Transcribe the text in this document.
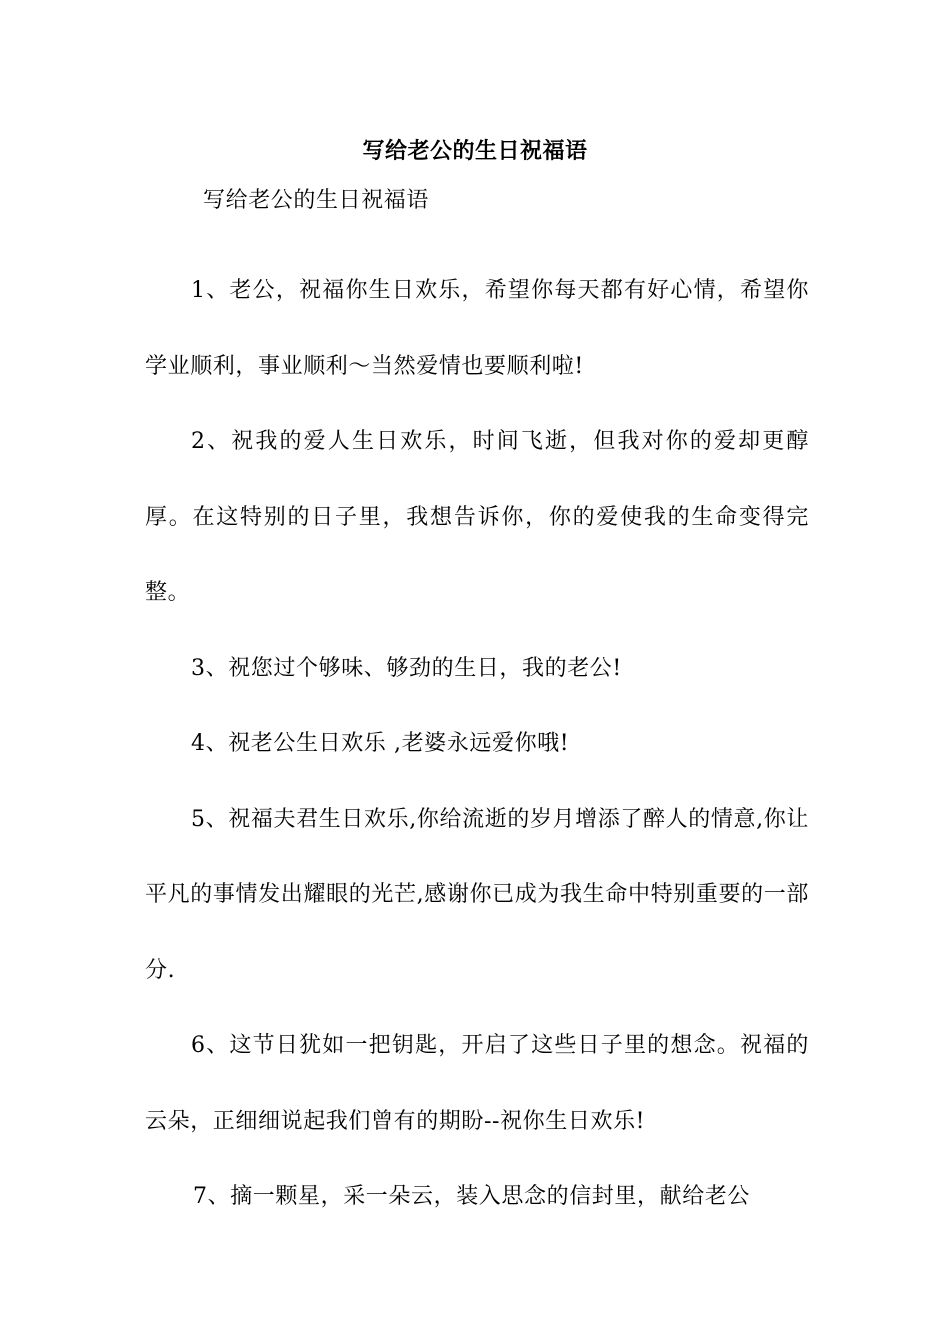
写给老公的生日祝福语

写给老公的生日祝福语

1、老公，祝福你生日欢乐，希望你每天都有好心情，希望你学业顺利，事业顺利～当然爱情也要顺利啦!

2、祝我的爱人生日欢乐，时间飞逝，但我对你的爱却更醇厚。在这特别的日子里，我想告诉你，你的爱使我的生命变得完整。

3、祝您过个够味、够劲的生日，我的老公!

4、祝老公生日欢乐 ,老婆永远爱你哦!

5、祝福夫君生日欢乐,你给流逝的岁月增添了醉人的情意,你让平凡的事情发出耀眼的光芒,感谢你已成为我生命中特别重要的一部分.

6、这节日犹如一把钥匙，开启了这些日子里的想念。祝福的云朵，正细细说起我们曾有的期盼--祝你生日欢乐!

7、摘一颗星，采一朵云，装入思念的信封里，献给老公
